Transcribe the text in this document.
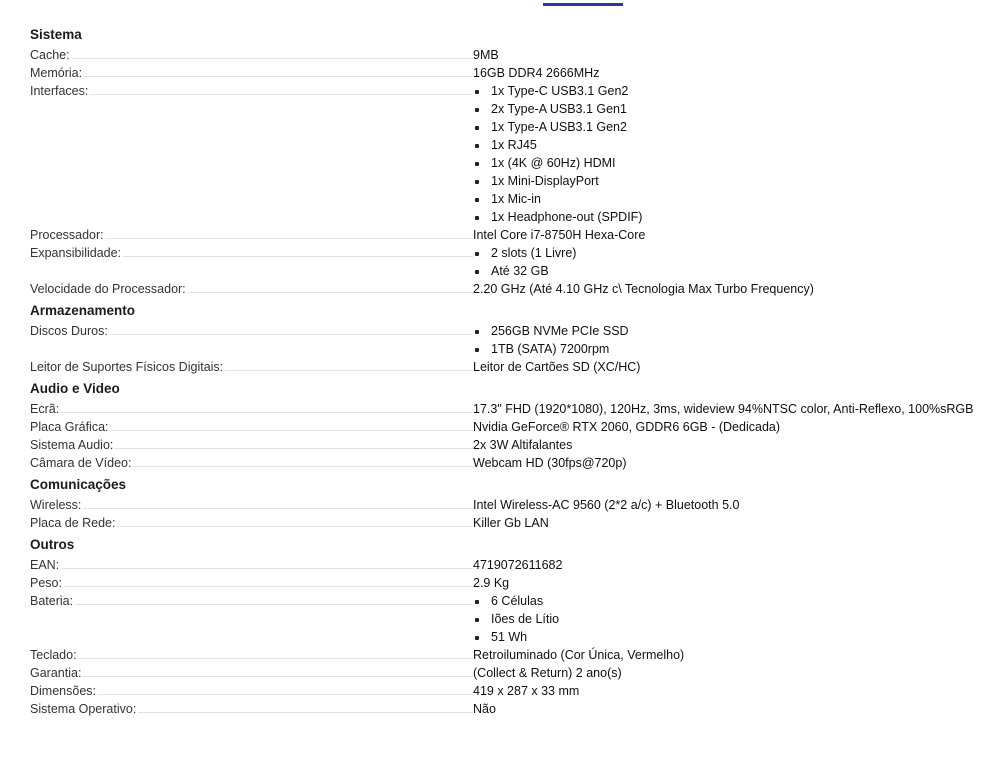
Sistema
Cache:	9MB
Memória:	16GB DDR4 2666MHz
Interfaces:	1x Type-C USB3.1 Gen2
2x Type-A USB3.1 Gen1
1x Type-A USB3.1 Gen2
1x RJ45
1x (4K @ 60Hz) HDMI
1x Mini-DisplayPort
1x Mic-in
1x Headphone-out (SPDIF)
Processador:	Intel Core i7-8750H Hexa-Core
Expansibilidade:	2 slots (1 Livre)
Até 32 GB
Velocidade do Processador:	2.20 GHz (Até 4.10 GHz c\ Tecnologia Max Turbo Frequency)
Armazenamento
Discos Duros:	256GB NVMe PCIe SSD
1TB (SATA) 7200rpm
Leitor de Suportes Físicos Digitais:	Leitor de Cartões SD (XC/HC)
Audio e Video
Ecrã:	17.3" FHD (1920*1080), 120Hz, 3ms, wideview 94%NTSC color, Anti-Reflexo, 100%sRGB
Placa Gráfica:	Nvidia GeForce® RTX 2060, GDDR6 6GB - (Dedicada)
Sistema Audio:	2x 3W Altifalantes
Câmara de Vídeo:	Webcam HD (30fps@720p)
Comunicações
Wireless:	Intel Wireless-AC 9560 (2*2 a/c) + Bluetooth 5.0
Placa de Rede:	Killer Gb LAN
Outros
EAN:	4719072611682
Peso:	2.9 Kg
Bateria:	6 Células
Iões de Lítio
51 Wh
Teclado:	Retroiluminado (Cor Única, Vermelho)
Garantia:	(Collect & Return) 2 ano(s)
Dimensões:	419 x 287 x 33 mm
Sistema Operativo:	Não
